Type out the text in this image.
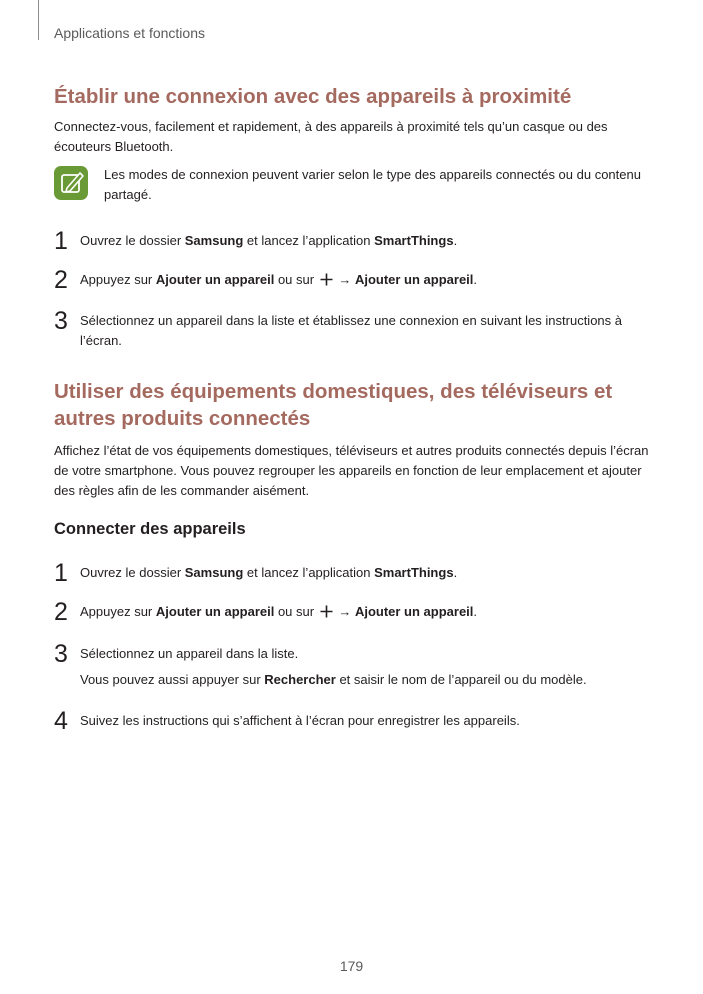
Applications et fonctions
Établir une connexion avec des appareils à proximité
Connectez-vous, facilement et rapidement, à des appareils à proximité tels qu’un casque ou des écouteurs Bluetooth.
Les modes de connexion peuvent varier selon le type des appareils connectés ou du contenu partagé.
1 Ouvrez le dossier Samsung et lancez l’application SmartThings.
2 Appuyez sur Ajouter un appareil ou sur  → Ajouter un appareil.
3 Sélectionnez un appareil dans la liste et établissez une connexion en suivant les instructions à l’écran.
Utiliser des équipements domestiques, des téléviseurs et autres produits connectés
Affichez l’état de vos équipements domestiques, téléviseurs et autres produits connectés depuis l’écran de votre smartphone. Vous pouvez regrouper les appareils en fonction de leur emplacement et ajouter des règles afin de les commander aisément.
Connecter des appareils
1 Ouvrez le dossier Samsung et lancez l’application SmartThings.
2 Appuyez sur Ajouter un appareil ou sur  → Ajouter un appareil.
3 Sélectionnez un appareil dans la liste.
Vous pouvez aussi appuyer sur Rechercher et saisir le nom de l’appareil ou du modèle.
4 Suivez les instructions qui s’affichent à l’écran pour enregistrer les appareils.
179
